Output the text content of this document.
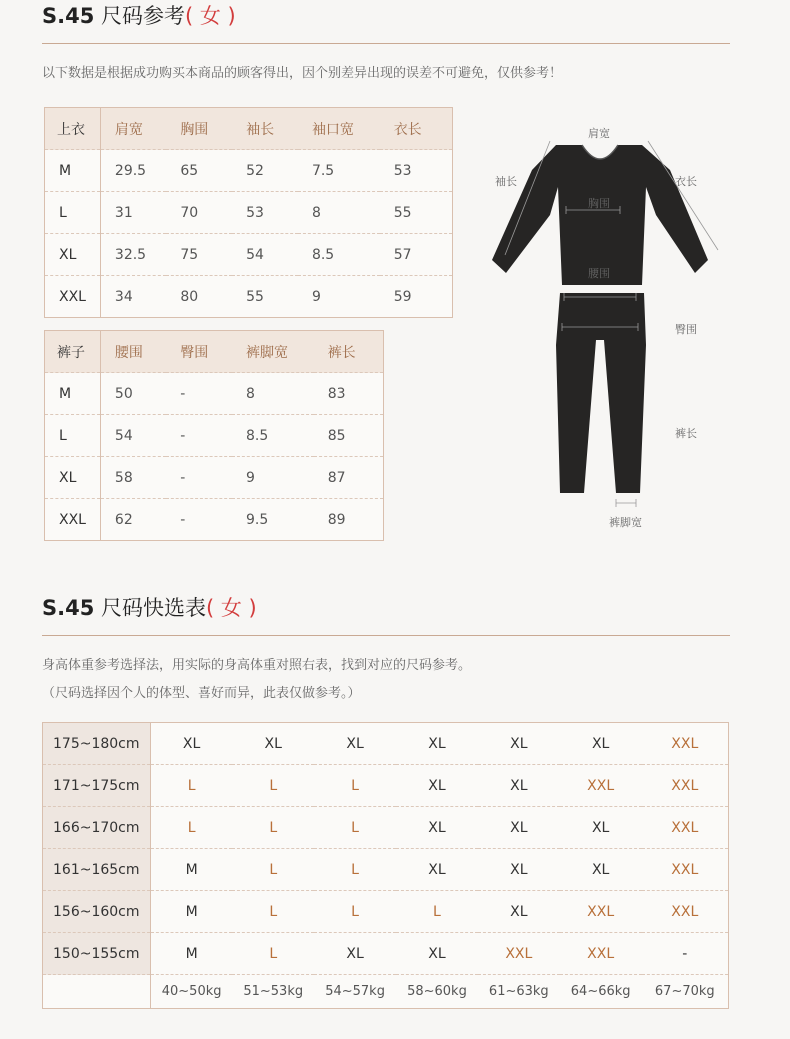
S.45 尺码参考( 女 )
以下数据是根据成功购买本商品的顾客得出，因个别差异出现的误差不可避免，仅供参考！
上衣	肩宽	胸围	袖长	袖口宽	衣长
M	29.5	65	52	7.5	53
L	31	70	53	8	55
XL	32.5	75	54	8.5	57
XXL	34	80	55	9	59
裤子	腰围	臀围	裤脚宽	裤长
M	50	-	8	83
L	54	-	8.5	85
XL	58	-	9	87
XXL	62	-	9.5	89
肩宽
袖长	衣长
胸围
腰围
臀围
裤长
裤脚宽
S.45 尺码快选表( 女 )
身高体重参考选择法，用实际的身高体重对照右表，找到对应的尺码参考。
（尺码选择因个人的体型、喜好而异，此表仅做参考。）
175~180cm	XL	XL	XL	XL	XL	XL	XXL
171~175cm	L	L	L	XL	XL	XXL	XXL
166~170cm	L	L	L	XL	XL	XL	XXL
161~165cm	M	L	L	XL	XL	XL	XXL
156~160cm	M	L	L	L	XL	XXL	XXL
150~155cm	M	L	XL	XL	XXL	XXL	-
	40~50kg	51~53kg	54~57kg	58~60kg	61~63kg	64~66kg	67~70kg
